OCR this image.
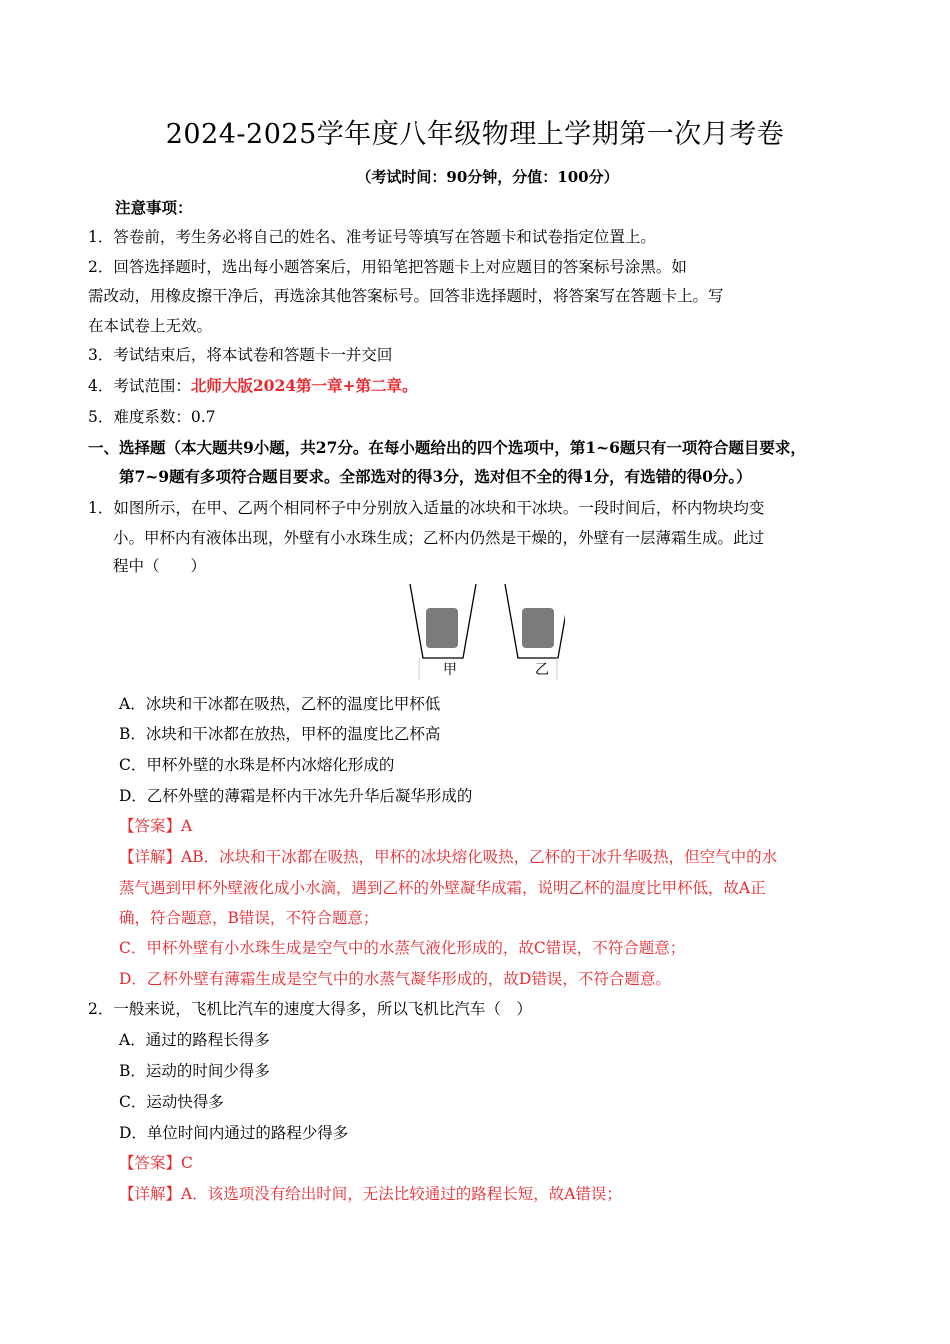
2024-2025学年度八年级物理上学期第一次月考卷
（考试时间：90分钟，分值：100分）
注意事项：
1．答卷前，考生务必将自己的姓名、准考证号等填写在答题卡和试卷指定位置上。
2．回答选择题时，选出每小题答案后，用铅笔把答题卡上对应题目的答案标号涂黑。如
需改动，用橡皮擦干净后，再选涂其他答案标号。回答非选择题时，将答案写在答题卡上。写
在本试卷上无效。
3．考试结束后，将本试卷和答题卡一并交回
4．考试范围：北师大版2024第一章+第二章。
5．难度系数：0.7
一、选择题（本大题共9小题，共27分。在每小题给出的四个选项中，第1~6题只有一项符合题目要求，
第7~9题有多项符合题目要求。全部选对的得3分，选对但不全的得1分，有选错的得0分。）
1．如图所示，在甲、乙两个相同杯子中分别放入适量的冰块和干冰块。一段时间后，杯内物块均变
小。甲杯内有液体出现，外壁有小水珠生成；乙杯内仍然是干燥的，外壁有一层薄霜生成。此过
程中（　　）
甲	乙
A．冰块和干冰都在吸热，乙杯的温度比甲杯低
B．冰块和干冰都在放热，甲杯的温度比乙杯高
C．甲杯外壁的水珠是杯内冰熔化形成的
D．乙杯外壁的薄霜是杯内干冰先升华后凝华形成的
【答案】A
【详解】AB．冰块和干冰都在吸热，甲杯的冰块熔化吸热，乙杯的干冰升华吸热，但空气中的水
蒸气遇到甲杯外壁液化成小水滴，遇到乙杯的外壁凝华成霜，说明乙杯的温度比甲杯低，故A正
确，符合题意，B错误，不符合题意；
C．甲杯外壁有小水珠生成是空气中的水蒸气液化形成的，故C错误，不符合题意；
D．乙杯外壁有薄霜生成是空气中的水蒸气凝华形成的，故D错误，不符合题意。
2．一般来说，飞机比汽车的速度大得多，所以飞机比汽车（　）
A．通过的路程长得多
B．运动的时间少得多
C．运动快得多
D．单位时间内通过的路程少得多
【答案】C
【详解】A．该选项没有给出时间，无法比较通过的路程长短，故A错误；
